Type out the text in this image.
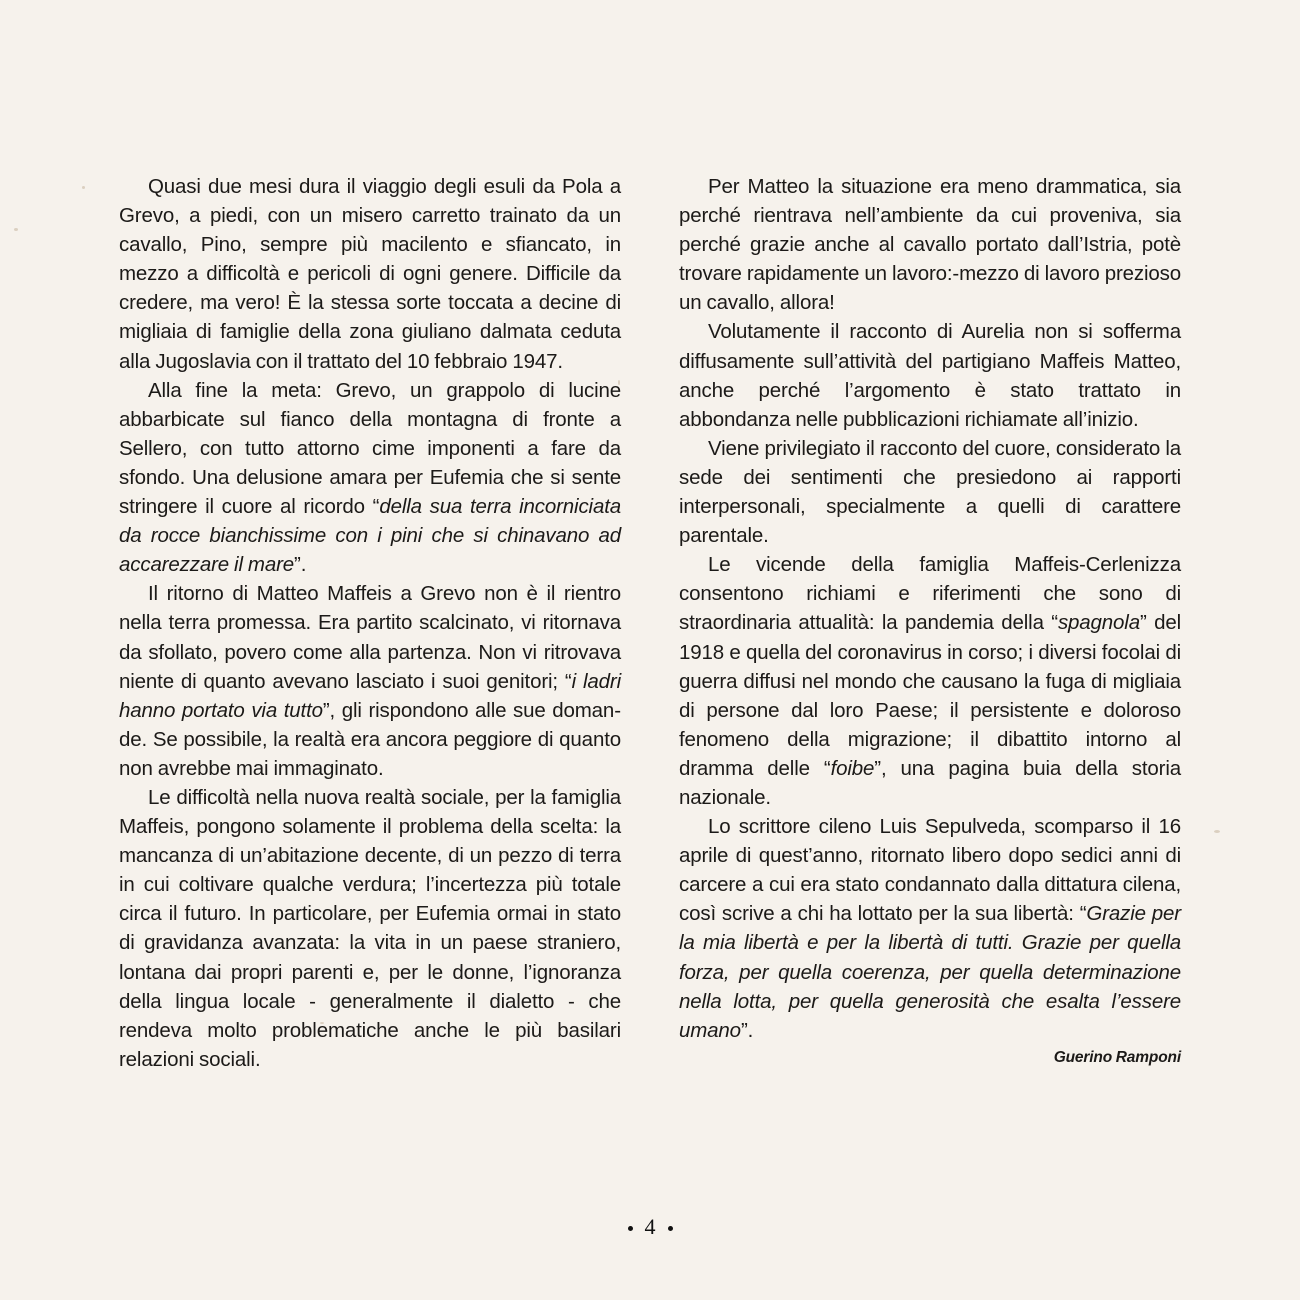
Quasi due mesi dura il viaggio degli esuli da Pola a Grevo, a piedi, con un misero carretto trainato da un cavallo, Pino, sempre più macilento e sfiancato, in mezzo a difficoltà e pericoli di ogni genere. Difficile da credere, ma vero! È la stessa sorte toccata a decine di migliaia di famiglie della zona giuliano dalmata ceduta alla Jugoslavia con il trattato del 10 febbraio 1947.

Alla fine la meta: Grevo, un grappolo di lucine abbarbicate sul fianco della montagna di fronte a Sellero, con tutto attorno cime imponenti a fare da sfondo. Una delusione amara per Eufemia che si sente stringere il cuore al ricordo “della sua terra incorniciata da rocce bianchissime con i pini che si chinavano ad accarezzare il mare”.

Il ritorno di Matteo Maffeis a Grevo non è il rientro nella terra promessa. Era partito scalcinato, vi ritornava da sfollato, povero come alla partenza. Non vi ritrovava niente di quanto avevano lasciato i suoi genitori; “i ladri hanno portato via tutto”, gli rispondono alle sue domande. Se possibile, la realtà era ancora peggiore di quanto non avrebbe mai immaginato.

Le difficoltà nella nuova realtà sociale, per la famiglia Maffeis, pongono solamente il problema della scelta: la mancanza di un’abitazione decente, di un pezzo di terra in cui coltivare qualche verdura; l’incertezza più totale circa il futuro. In particolare, per Eufemia ormai in stato di gravidanza avanzata: la vita in un paese straniero, lontana dai propri parenti e, per le donne, l’ignoranza della lingua locale - generalmente il dialetto - che rendeva molto problematiche anche le più basilari relazioni sociali.

Per Matteo la situazione era meno drammatica, sia perché rientrava nell’ambiente da cui proveniva, sia perché grazie anche al cavallo portato dall’Istria, potè trovare rapidamente un lavoro:-mezzo di lavoro prezioso un cavallo, allora!

Volutamente il racconto di Aurelia non si sofferma diffusamente sull’attività del partigiano Maffeis Matteo, anche perché l’argomento è stato trattato in abbondanza nelle pubblicazioni richiamate all’inizio.

Viene privilegiato il racconto del cuore, considerato la sede dei sentimenti che presiedono ai rapporti interpersonali, specialmente a quelli di carattere parentale.

Le vicende della famiglia Maffeis-Cerlenizza consentono richiami e riferimenti che sono di straordinaria attualità: la pandemia della “spagnola” del 1918 e quella del coronavirus in corso; i diversi focolai di guerra diffusi nel mondo che causano la fuga di migliaia di persone dal loro Paese; il persistente e doloroso fenomeno della migrazione; il dibattito intorno al dramma delle “foibe”, una pagina buia della storia nazionale.

Lo scrittore cileno Luis Sepulveda, scomparso il 16 aprile di quest’anno, ritornato libero dopo sedici anni di carcere a cui era stato condannato dalla dittatura cilena, così scrive a chi ha lottato per la sua libertà: “Grazie per la mia libertà e per la libertà di tutti. Grazie per quella forza, per quella coerenza, per quella determinazione nella lotta, per quella generosità che esalta l’essere umano”.

Guerino Ramponi

4
